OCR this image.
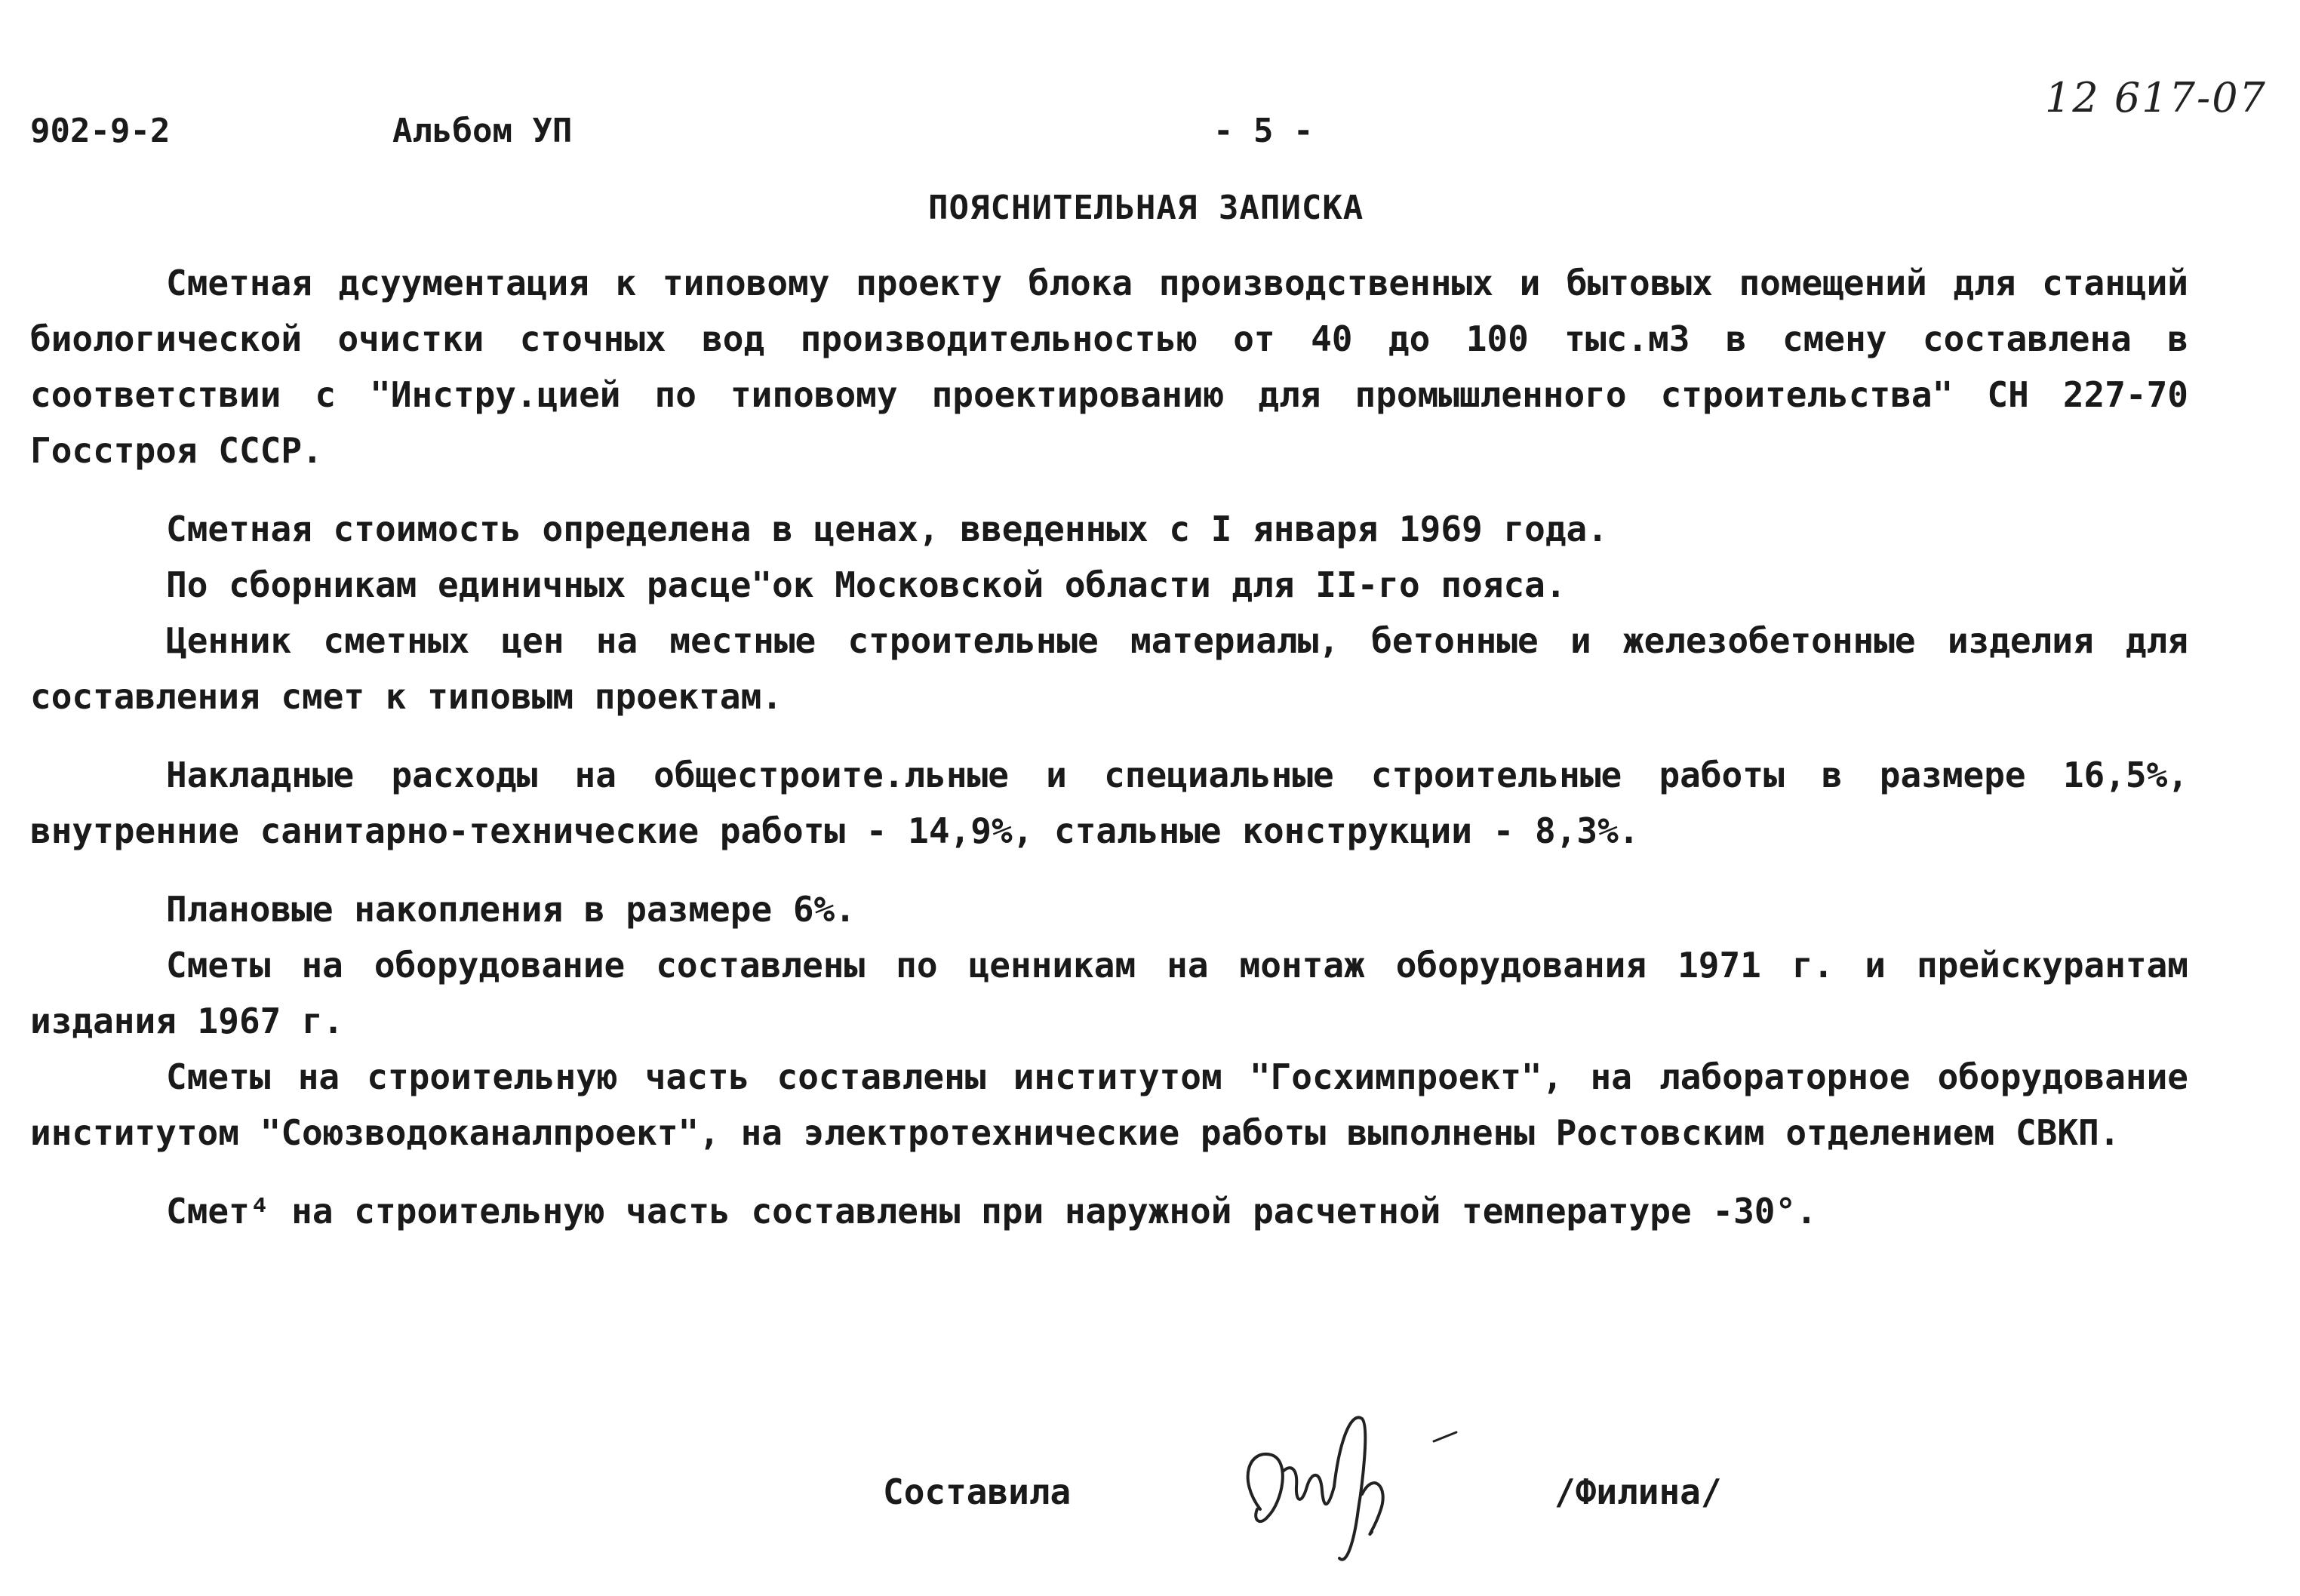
902-9-2	Альбом УП	- 5 -
12 617-07
ПОЯСНИТЕЛЬНАЯ ЗАПИСКА

Сметная дсуументация к типовому проекту блока производственных и бытовых помещений для станций биологической очистки сточных вод производительностью от 40 до 100 тыс.м3 в смену составлена в соответствии с "Инстру.цией по типовому проектированию для промышленного строительства" СН 227-70 Госстроя СССР.

Сметная стоимость определена в ценах, введенных с I января 1969 года.

По сборникам единичных расце"ок Московской области для II-го пояса.

Ценник сметных цен на местные строительные материалы, бетонные и железобетонные изделия для составления смет к типовым проектам.

Накладные расходы на общестроите.льные и специальные строительные работы в размере 16,5%, внутренние санитарно-технические работы - 14,9%, стальные конструкции - 8,3%.

Плановые накопления в размере 6%.

Сметы на оборудование составлены по ценникам на монтаж оборудования 1971 г. и прейскурантам издания 1967 г.

Сметы на строительную часть составлены институтом "Госхимпроект", на лабораторное оборудование институтом "Союзводоканалпроект", на электротехнические работы выполнены Ростовским отделением СВКП.

Смет⁴ на строительную часть составлены при наружной расчетной температуре -30°.

Составила	/Филина/
